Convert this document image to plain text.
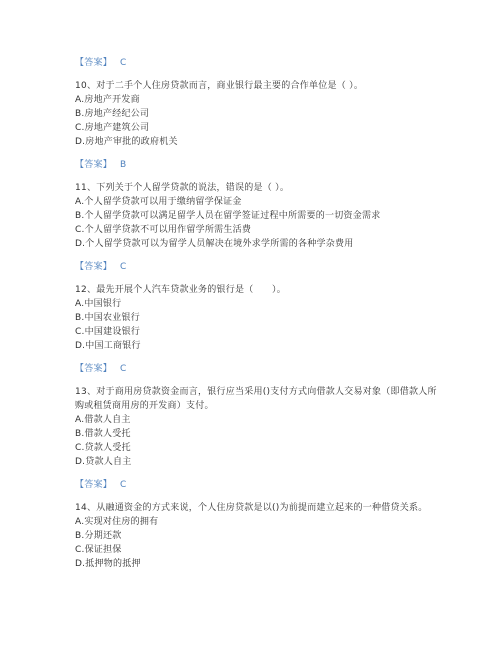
【答案】 C
10、对于二手个人住房贷款而言，商业银行最主要的合作单位是（ ）。
A.房地产开发商
B.房地产经纪公司
C.房地产建筑公司
D.房地产审批的政府机关
【答案】 B
11、下列关于个人留学贷款的说法，错误的是（ ）。
A.个人留学贷款可以用于缴纳留学保证金
B.个人留学贷款可以满足留学人员在留学签证过程中所需要的一切资金需求
C.个人留学贷款不可以用作留学所需生活费
D.个人留学贷款可以为留学人员解决在境外求学所需的各种学杂费用
【答案】 C
12、最先开展个人汽车贷款业务的银行是（　　）。
A.中国银行
B.中国农业银行
C.中国建设银行
D.中国工商银行
【答案】 C
13、对于商用房贷款资金而言，银行应当采用()支付方式向借款人交易对象（即借款人所
购或租赁商用房的开发商）支付。
A.借款人自主
B.借款人受托
C.贷款人受托
D.贷款人自主
【答案】 C
14、从融通资金的方式来说，个人住房贷款是以()为前提而建立起来的一种借贷关系。
A.实现对住房的拥有
B.分期还款
C.保证担保
D.抵押物的抵押
